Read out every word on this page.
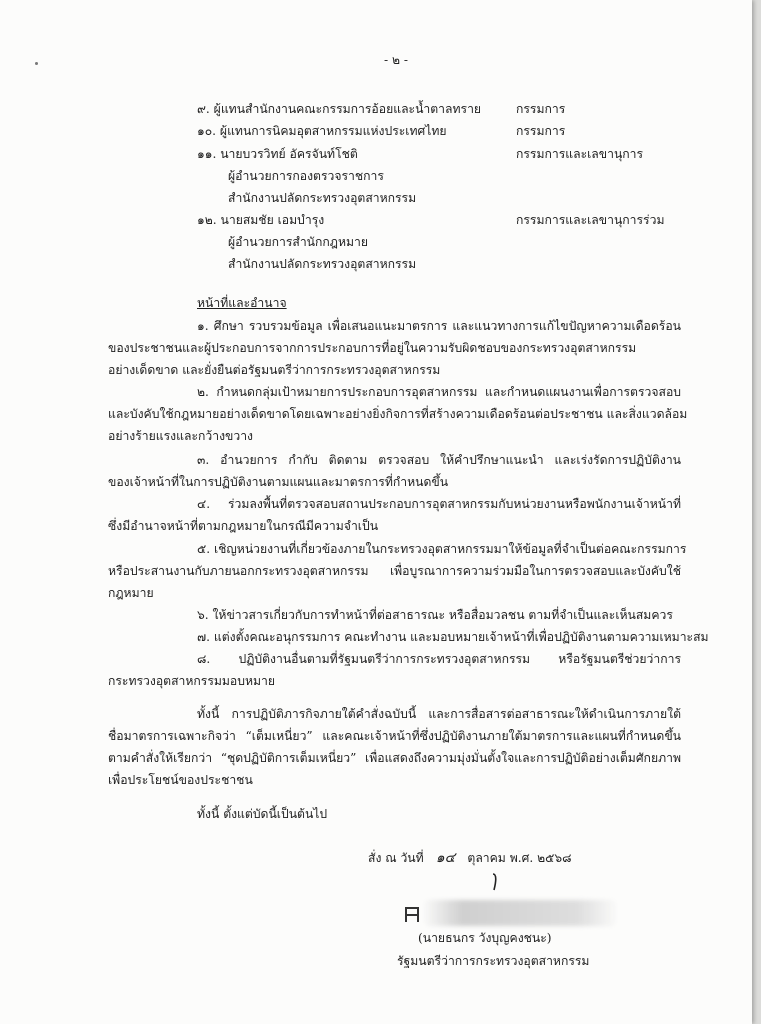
- ๒ -
๙. ผู้แทนสำนักงานคณะกรรมการอ้อยและน้ำตาลทราย	กรรมการ
๑๐. ผู้แทนการนิคมอุตสาหกรรมแห่งประเทศไทย	กรรมการ
๑๑. นายบวรวิทย์ อัครจันท์โชติ	กรรมการและเลขานุการ
ผู้อำนวยการกองตรวจราชการ
สำนักงานปลัดกระทรวงอุตสาหกรรม
๑๒. นายสมชัย เอมบำรุง	กรรมการและเลขานุการร่วม
ผู้อำนวยการสำนักกฎหมาย
สำนักงานปลัดกระทรวงอุตสาหกรรม
หน้าที่และอำนาจ
๑. ศึกษา รวบรวมข้อมูล เพื่อเสนอแนะมาตรการ และแนวทางการแก้ไขปัญหาความเดือดร้อน
ของประชาชนและผู้ประกอบการจากการประกอบการที่อยู่ในความรับผิดชอบของกระทรวงอุตสาหกรรม
อย่างเด็ดขาด และยั่งยืนต่อรัฐมนตรีว่าการกระทรวงอุตสาหกรรม
๒. กำหนดกลุ่มเป้าหมายการประกอบการอุตสาหกรรม และกำหนดแผนงานเพื่อการตรวจสอบ
และบังคับใช้กฎหมายอย่างเด็ดขาดโดยเฉพาะอย่างยิ่งกิจการที่สร้างความเดือดร้อนต่อประชาชน และสิ่งแวดล้อม
อย่างร้ายแรงและกว้างขวาง
๓. อำนวยการ กำกับ ติดตาม ตรวจสอบ ให้คำปรึกษาแนะนำ และเร่งรัดการปฏิบัติงาน
ของเจ้าหน้าที่ในการปฏิบัติงานตามแผนและมาตรการที่กำหนดขึ้น
๔. ร่วมลงพื้นที่ตรวจสอบสถานประกอบการอุตสาหกรรมกับหน่วยงานหรือพนักงานเจ้าหน้าที่
ซึ่งมีอำนาจหน้าที่ตามกฎหมายในกรณีมีความจำเป็น
๕. เชิญหน่วยงานที่เกี่ยวข้องภายในกระทรวงอุตสาหกรรมมาให้ข้อมูลที่จำเป็นต่อคณะกรรมการ
หรือประสานงานกับภายนอกกระทรวงอุตสาหกรรม เพื่อบูรณาการความร่วมมือในการตรวจสอบและบังคับใช้
กฎหมาย
๖. ให้ข่าวสารเกี่ยวกับการทำหน้าที่ต่อสาธารณะ หรือสื่อมวลชน ตามที่จำเป็นและเห็นสมควร
๗. แต่งตั้งคณะอนุกรรมการ คณะทำงาน และมอบหมายเจ้าหน้าที่เพื่อปฏิบัติงานตามความเหมาะสม
๘. ปฏิบัติงานอื่นตามที่รัฐมนตรีว่าการกระทรวงอุตสาหกรรม หรือรัฐมนตรีช่วยว่าการ
กระทรวงอุตสาหกรรมมอบหมาย
ทั้งนี้ การปฏิบัติภารกิจภายใต้คำสั่งฉบับนี้ และการสื่อสารต่อสาธารณะให้ดำเนินการภายใต้
ชื่อมาตรการเฉพาะกิจว่า “เต็มเหนี่ยว” และคณะเจ้าหน้าที่ซึ่งปฏิบัติงานภายใต้มาตรการและแผนที่กำหนดขึ้น
ตามคำสั่งให้เรียกว่า “ชุดปฏิบัติการเต็มเหนี่ยว” เพื่อแสดงถึงความมุ่งมั่นตั้งใจและการปฏิบัติอย่างเต็มศักยภาพ
เพื่อประโยชน์ของประชาชน
ทั้งนี้ ตั้งแต่บัดนี้เป็นต้นไป
สั่ง ณ วันที่ ๑๔ ตุลาคม พ.ศ. ๒๕๖๘
(นายธนกร วังบุญคงชนะ)
รัฐมนตรีว่าการกระทรวงอุตสาหกรรม
